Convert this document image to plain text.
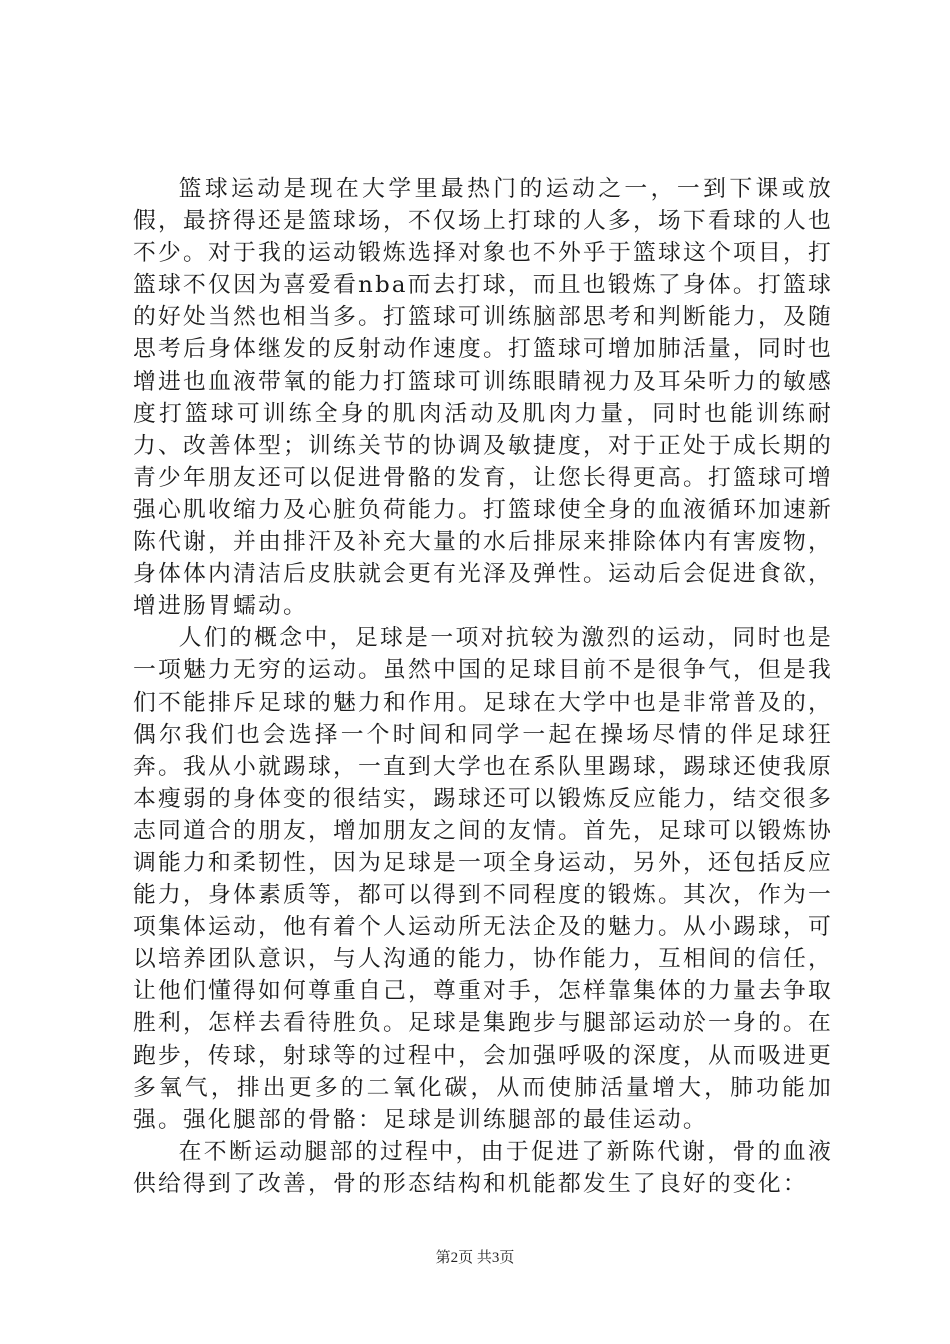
篮球运动是现在大学里最热门的运动之一，一到下课或放假，最挤得还是篮球场，不仅场上打球的人多，场下看球的人也不少。对于我的运动锻炼选择对象也不外乎于篮球这个项目，打篮球不仅因为喜爱看nba而去打球，而且也锻炼了身体。打篮球的好处当然也相当多。打篮球可训练脑部思考和判断能力，及随思考后身体继发的反射动作速度。打篮球可增加肺活量，同时也增进也血液带氧的能力打篮球可训练眼睛视力及耳朵听力的敏感度打篮球可训练全身的肌肉活动及肌肉力量，同时也能训练耐力、改善体型；训练关节的协调及敏捷度，对于正处于成长期的青少年朋友还可以促进骨骼的发育，让您长得更高。打篮球可增强心肌收缩力及心脏负荷能力。打篮球使全身的血液循环加速新陈代谢，并由排汗及补充大量的水后排尿来排除体内有害废物，身体体内清洁后皮肤就会更有光泽及弹性。运动后会促进食欲，增进肠胃蠕动。

人们的概念中，足球是一项对抗较为激烈的运动，同时也是一项魅力无穷的运动。虽然中国的足球目前不是很争气，但是我们不能排斥足球的魅力和作用。足球在大学中也是非常普及的，偶尔我们也会选择一个时间和同学一起在操场尽情的伴足球狂奔。我从小就踢球，一直到大学也在系队里踢球，踢球还使我原本瘦弱的身体变的很结实，踢球还可以锻炼反应能力，结交很多志同道合的朋友，增加朋友之间的友情。首先，足球可以锻炼协调能力和柔韧性，因为足球是一项全身运动，另外，还包括反应能力，身体素质等，都可以得到不同程度的锻炼。其次，作为一项集体运动，他有着个人运动所无法企及的魅力。从小踢球，可以培养团队意识，与人沟通的能力，协作能力，互相间的信任，让他们懂得如何尊重自己，尊重对手，怎样靠集体的力量去争取胜利，怎样去看待胜负。足球是集跑步与腿部运动於一身的。在跑步，传球，射球等的过程中，会加强呼吸的深度，从而吸进更多氧气，排出更多的二氧化碳，从而使肺活量增大，肺功能加强。强化腿部的骨骼：足球是训练腿部的最佳运动。

在不断运动腿部的过程中，由于促进了新陈代谢，骨的血液供给得到了改善，骨的形态结构和机能都发生了良好的变化：

第2页 共3页
